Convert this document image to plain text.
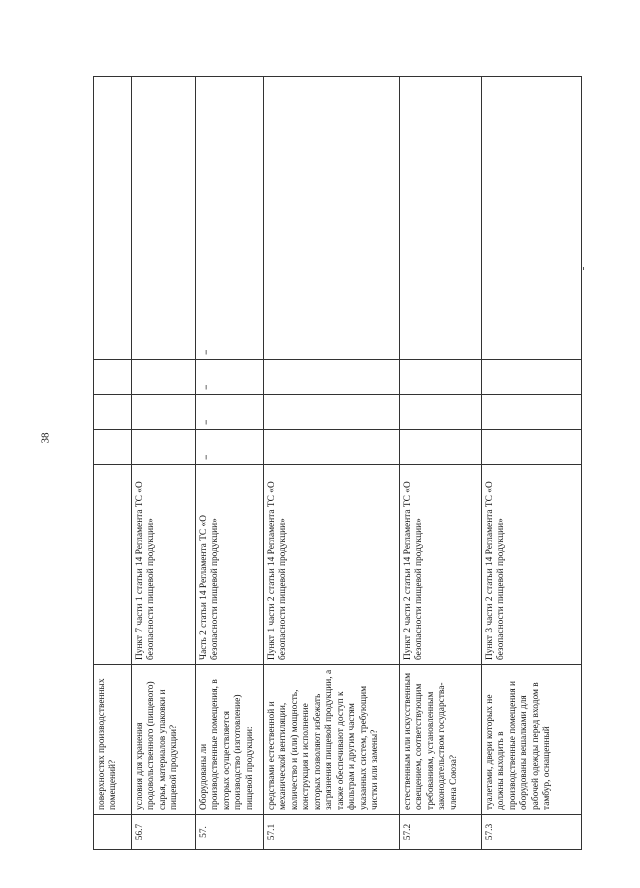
38
	поверхностях производственных помещений?					
56.7	условия для хранения продовольственного (пищевого) сырья, материалов упаковки и пищевой продукции?	Пункт 7 части 1 статьи 14 Регламента ТС «О безопасности пищевой продукции»				
57.	Оборудованы ли производственные помещения, в которых осуществляется производство (изготовление) пищевой продукции:	Часть 2 статьи 14 Регламента ТС «О безопасности пищевой продукции»	–	–	–	–
57.1	средствами естественной и механической вентиляции, количество и (или) мощность, конструкция и исполнение которых позволяют избежать загрязнения пищевой продукции, а также обеспечивают доступ к фильтрам и другим частям указанных систем, требующим чистки или замены?	Пункт 1 части 2 статьи 14 Регламента ТС «О безопасности пищевой продукции»				
57.2	естественным или искусственным освещением, соответствующим требованиям, установленным законодательством государства-члена Союза?	Пункт 2 части 2 статьи 14 Регламента ТС «О безопасности пищевой продукции»				
57.3	туалетами, двери которых не должны выходить в производственные помещения и оборудованы вешалками для рабочей одежды перед входом в тамбур, оснащенный	Пункт 3 части 2 статьи 14 Регламента ТС «О безопасности пищевой продукции»				
